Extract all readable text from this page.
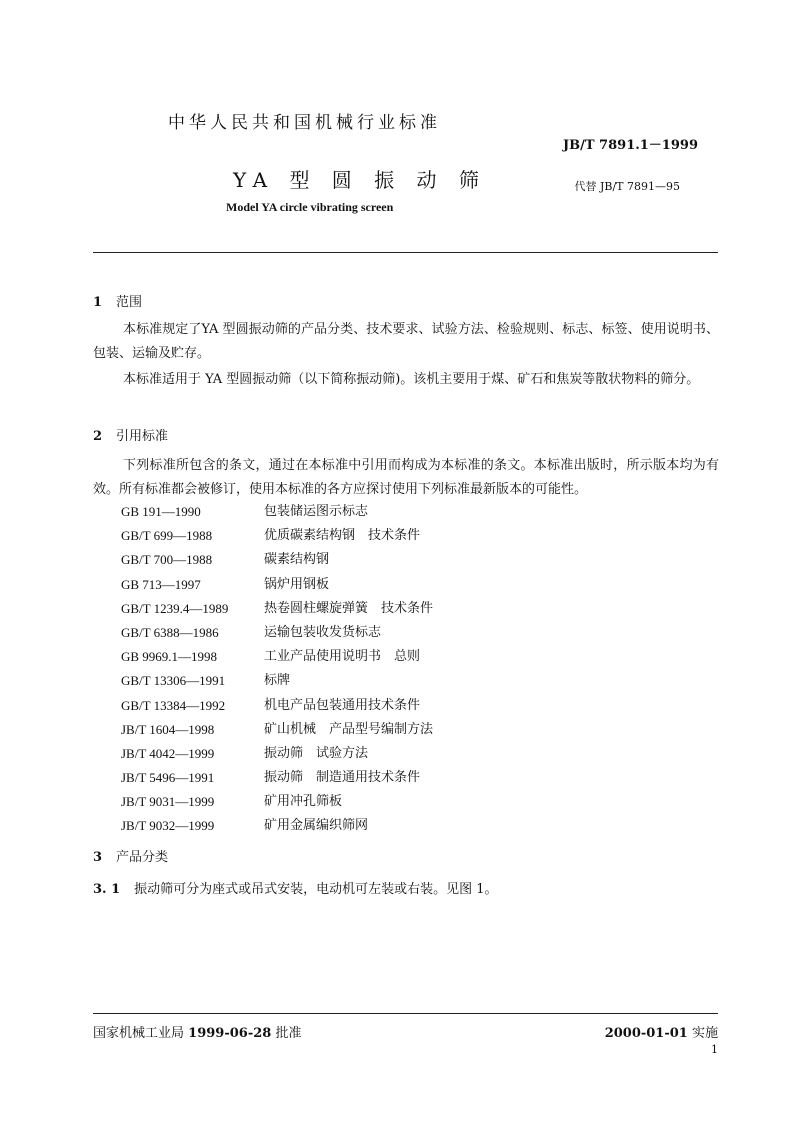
中华人民共和国机械行业标准
JB/T 7891.1－1999
YA 型 圆 振 动 筛	代替 JB/T 7891—95
Model YA circle vibrating screen
1 范围
本标准规定了YA 型圆振动筛的产品分类、技术要求、试验方法、检验规则、标志、标签、使用说明书、包装、运输及贮存。
本标准适用于 YA 型圆振动筛（以下简称振动筛)。该机主要用于煤、矿石和焦炭等散状物料的筛分。
2 引用标准
下列标准所包含的条文，通过在本标准中引用而构成为本标准的条文。本标准出版时，所示版本均为有效。所有标准都会被修订，使用本标准的各方应探讨使用下列标准最新版本的可能性。
GB 191—1990	包装储运图示标志
GB/T 699—1988	优质碳素结构钢　技术条件
GB/T 700—1988	碳素结构钢
GB 713—1997	锅炉用钢板
GB/T 1239.4—1989	热卷圆柱螺旋弹簧　技术条件
GB/T 6388—1986	运输包装收发货标志
GB 9969.1—1998	工业产品使用说明书　总则
GB/T 13306—1991	标牌
GB/T 13384—1992	机电产品包装通用技术条件
JB/T 1604—1998	矿山机械　产品型号编制方法
JB/T 4042—1999	振动筛　试验方法
JB/T 5496—1991	振动筛　制造通用技术条件
JB/T 9031—1999	矿用冲孔筛板
JB/T 9032—1999	矿用金属编织筛网
3 产品分类
3. 1 振动筛可分为座式或吊式安装，电动机可左装或右装。见图 1。
国家机械工业局 1999-06-28 批准	2000-01-01 实施
1
